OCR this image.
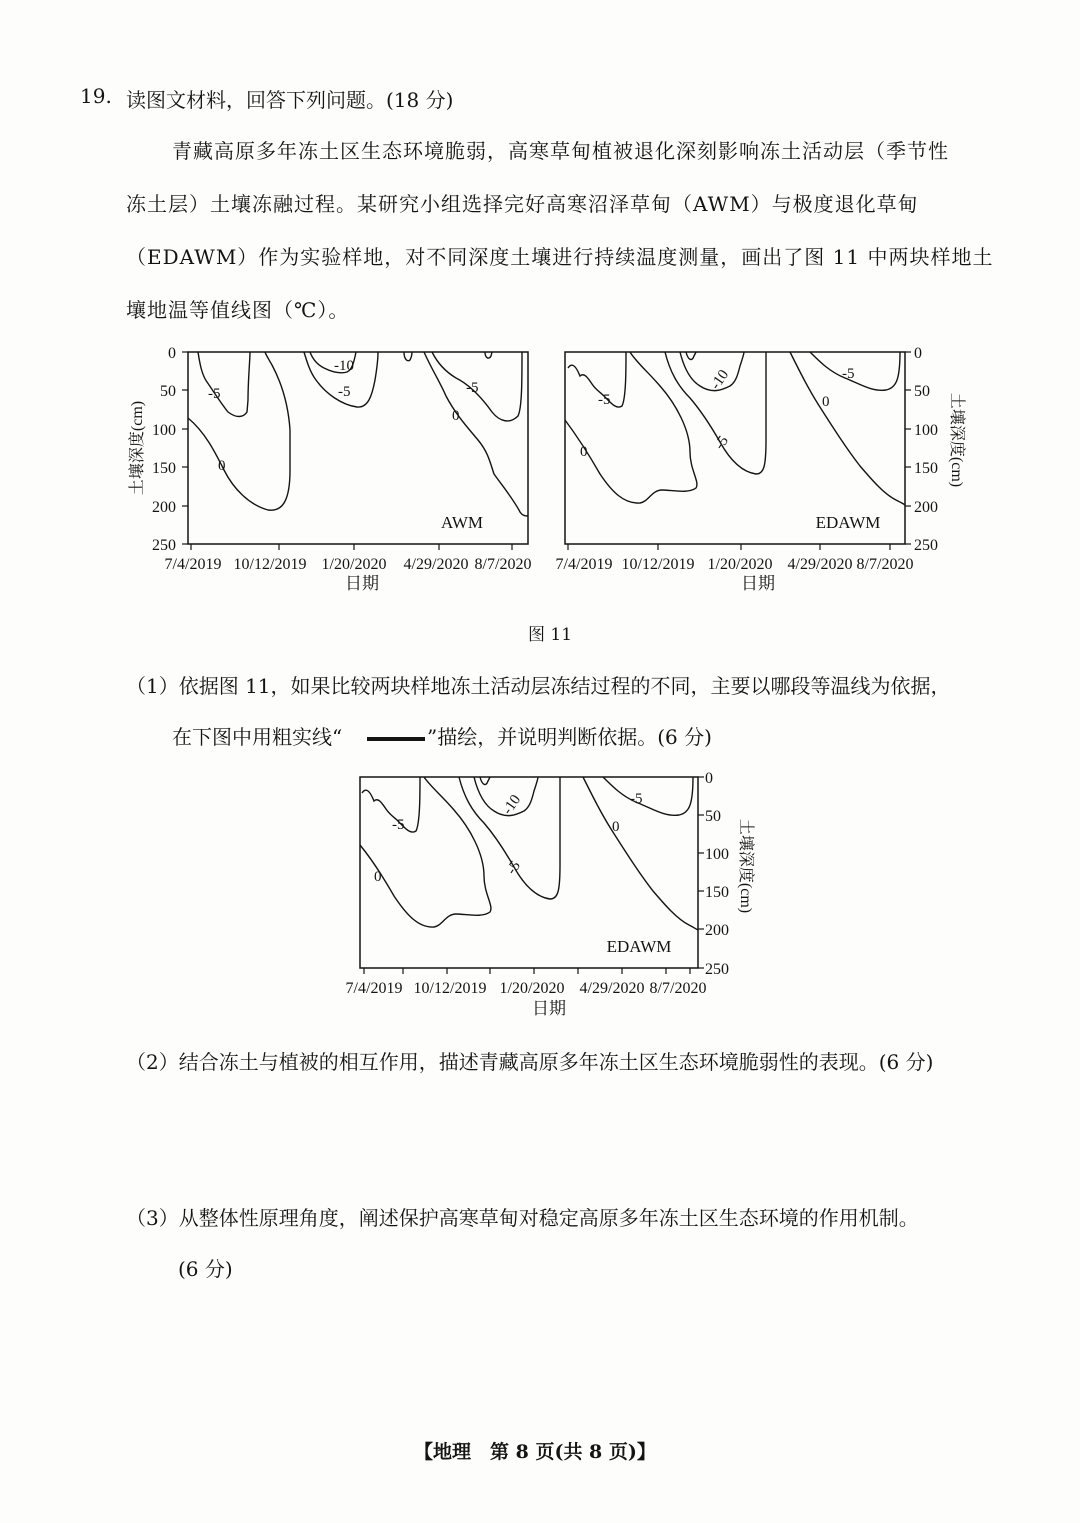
19. 读图文材料，回答下列问题。(18 分)
青藏高原多年冻土区生态环境脆弱，高寒草甸植被退化深刻影响冻土活动层（季节性
冻土层）土壤冻融过程。某研究小组选择完好高寒沼泽草甸（AWM）与极度退化草甸
（EDAWM）作为实验样地，对不同深度土壤进行持续温度测量，画出了图 11 中两块样地土
壤地温等值线图（℃）。
0
50
100
150
200
250
土壤深度(cm)
7/4/2019 10/12/2019 1/20/2020 4/29/2020 8/7/2020
日期
AWM
-10
-5
-5	-5
0
0
0
50
100
150
200
250
土壤深度(cm)
7/4/2019 10/12/2019 1/20/2020 4/29/2020 8/7/2020
日期
EDAWM
-5
-10
-5
-5
0
0
图 11
（1）依据图 11，如果比较两块样地冻土活动层冻结过程的不同，主要以哪段等温线为依据，
在下图中用粗实线“	”描绘，并说明判断依据。(6 分)
0
50
100
150
200
250
土壤深度(cm)
7/4/2019 10/12/2019 1/20/2020 4/29/2020 8/7/2020
日期
EDAWM
-5
-10
-5
-5
0
0
（2）结合冻土与植被的相互作用，描述青藏高原多年冻土区生态环境脆弱性的表现。(6 分)
（3）从整体性原理角度，阐述保护高寒草甸对稳定高原多年冻土区生态环境的作用机制。
(6 分)
【地理　第 8 页(共 8 页)】
